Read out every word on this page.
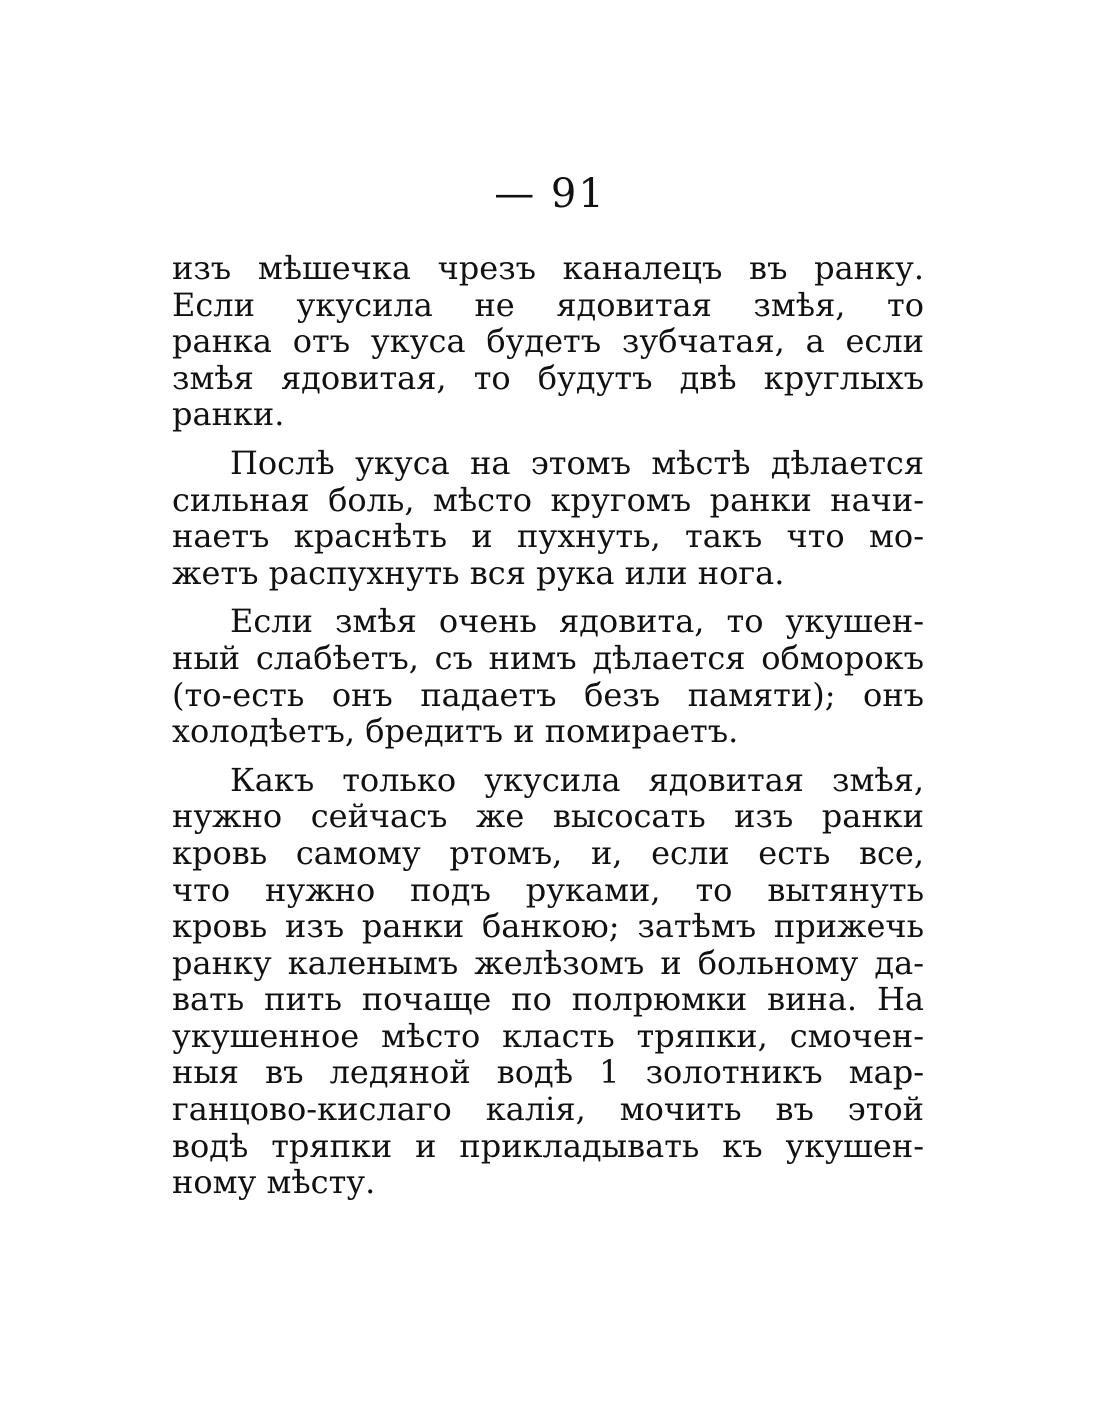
— 91

изъ мѣшечка чрезъ каналецъ въ ранку.
Если укусила не ядовитая змѣя, то
ранка отъ укуса будетъ зубчатая, а если
змѣя ядовитая, то будутъ двѣ круглыхъ
ранки.

Послѣ укуса на этомъ мѣстѣ дѣлается
сильная боль, мѣсто кругомъ ранки начи-
наетъ краснѣть и пухнуть, такъ что мо-
жетъ распухнуть вся рука или нога.

Если змѣя очень ядовита, то укушен-
ный слабѣетъ, съ нимъ дѣлается обморокъ
(то-есть онъ падаетъ безъ памяти); онъ
холодѣетъ, бредитъ и помираетъ.

Какъ только укусила ядовитая змѣя,
нужно сейчасъ же высосать изъ ранки
кровь самому ртомъ, и, если есть все,
что нужно подъ руками, то вытянуть
кровь изъ ранки банкою; затѣмъ прижечь
ранку каленымъ желѣзомъ и больному да-
вать пить почаще по полрюмки вина. На
укушенное мѣсто класть тряпки, смочен-
ныя въ ледяной водѣ 1 золотникъ мар-
ганцово-кислаго калія, мочить въ этой
водѣ тряпки и прикладывать къ укушен-
ному мѣсту.
